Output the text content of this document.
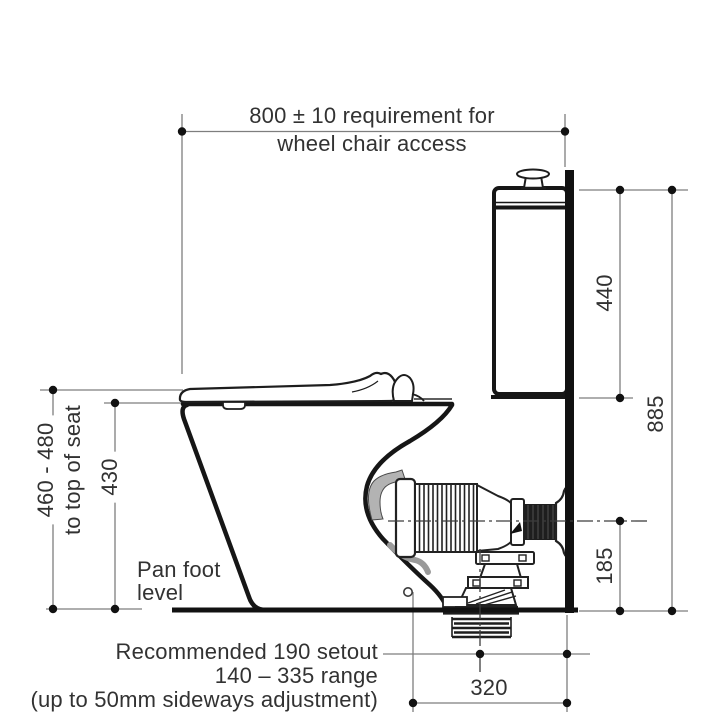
800 ± 10 requirement for
wheel chair access
440
885
185
460 - 480 to top of seat 430
Pan foot
level
Recommended 190 setout
140 – 335 range
(up to 50mm sideways adjustment)	320
